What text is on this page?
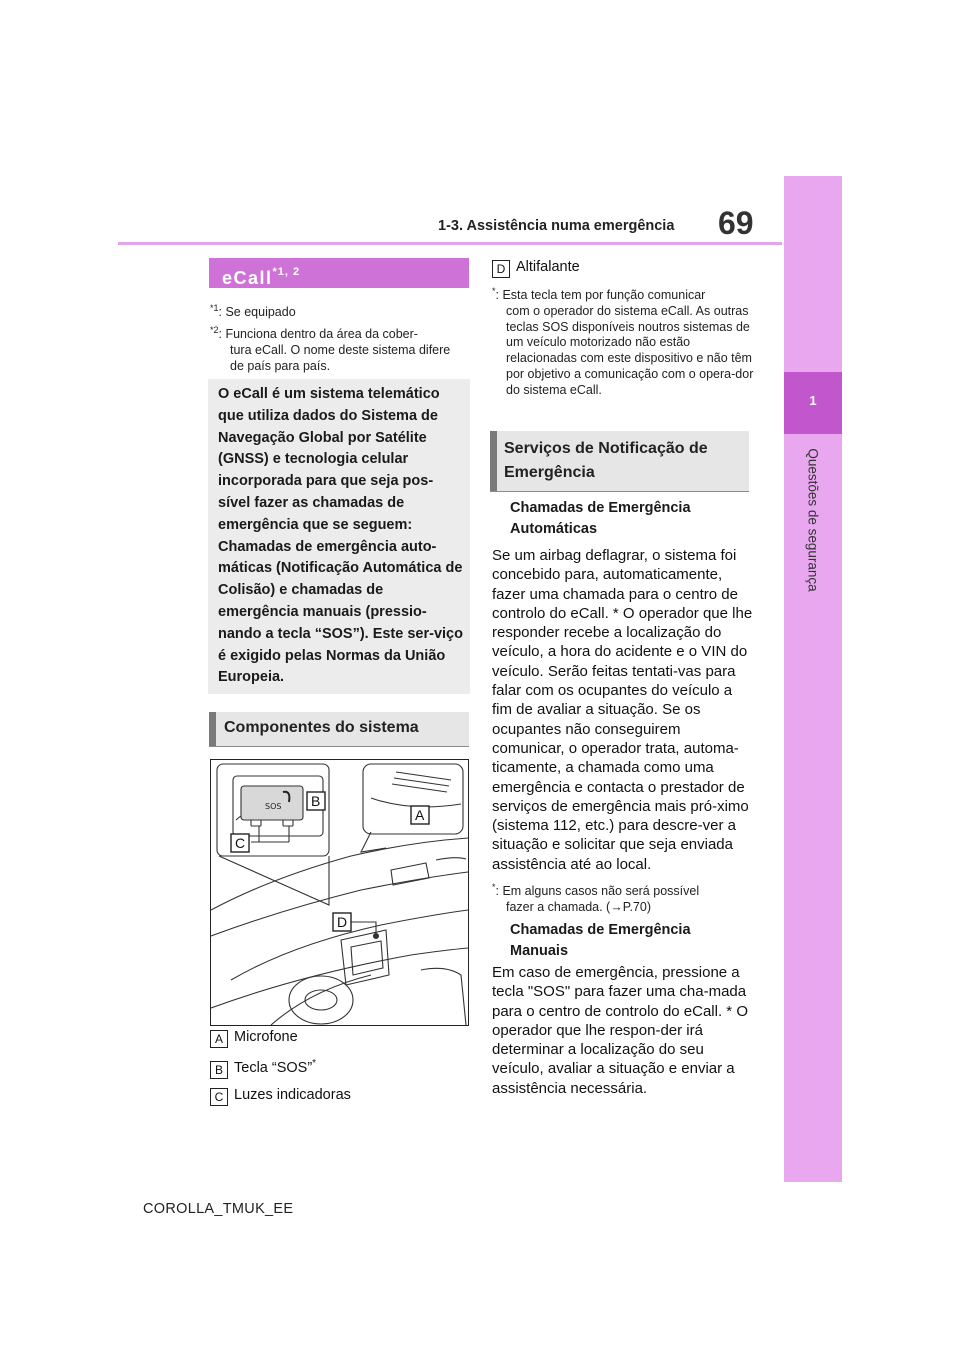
1
Questões de segurança
1-3. Assistência numa emergência 69
eCall$^{*1, 2}$
$^{*1}$: Se equipado
$^{*2}$: Funciona dentro da área da cober-
tura eCall. O nome deste sistema difere de país para país.
O eCall é um sistema telemático que utiliza dados do Sistema de Navegação Global por Satélite (GNSS) e tecnologia celular incorporada para que seja pos-sível fazer as chamadas de emergência que se seguem: Chamadas de emergência auto-máticas (Notificação Automática de Colisão) e chamadas de emergência manuais (pressio-nando a tecla “SOS”). Este ser-viço é exigido pelas Normas da União Europeia.
Componentes do sistema
SOS B
A
C
D
A Microfone
B Tecla “SOS”*
C Luzes indicadoras
D Altifalante
*: Esta tecla tem por função comunicar
com o operador do sistema eCall. As outras teclas SOS disponíveis noutros sistemas de um veículo motorizado não estão relacionadas com este dispositivo e não têm por objetivo a comunicação com o opera-dor do sistema eCall.
Serviços de Notificação de Emergência
Chamadas de Emergência Automáticas
Se um airbag deflagrar, o sistema foi concebido para, automaticamente, fazer uma chamada para o centro de controlo do eCall. * O operador que lhe responder recebe a localização do veículo, a hora do acidente e o VIN do veículo. Serão feitas tentati-vas para falar com os ocupantes do veículo a fim de avaliar a situação. Se os ocupantes não conseguirem comunicar, o operador trata, automa-ticamente, a chamada como uma emergência e contacta o prestador de serviços de emergência mais pró-ximo (sistema 112, etc.) para descre-ver a situação e solicitar que seja enviada assistência até ao local.
*: Em alguns casos não será possível
fazer a chamada. (→P.70)
Chamadas de Emergência Manuais
Em caso de emergência, pressione a tecla "SOS" para fazer uma cha-mada para o centro de controlo do eCall. * O operador que lhe respon-der irá determinar a localização do seu veículo, avaliar a situação e enviar a assistência necessária.
COROLLA_TMUK_EE
